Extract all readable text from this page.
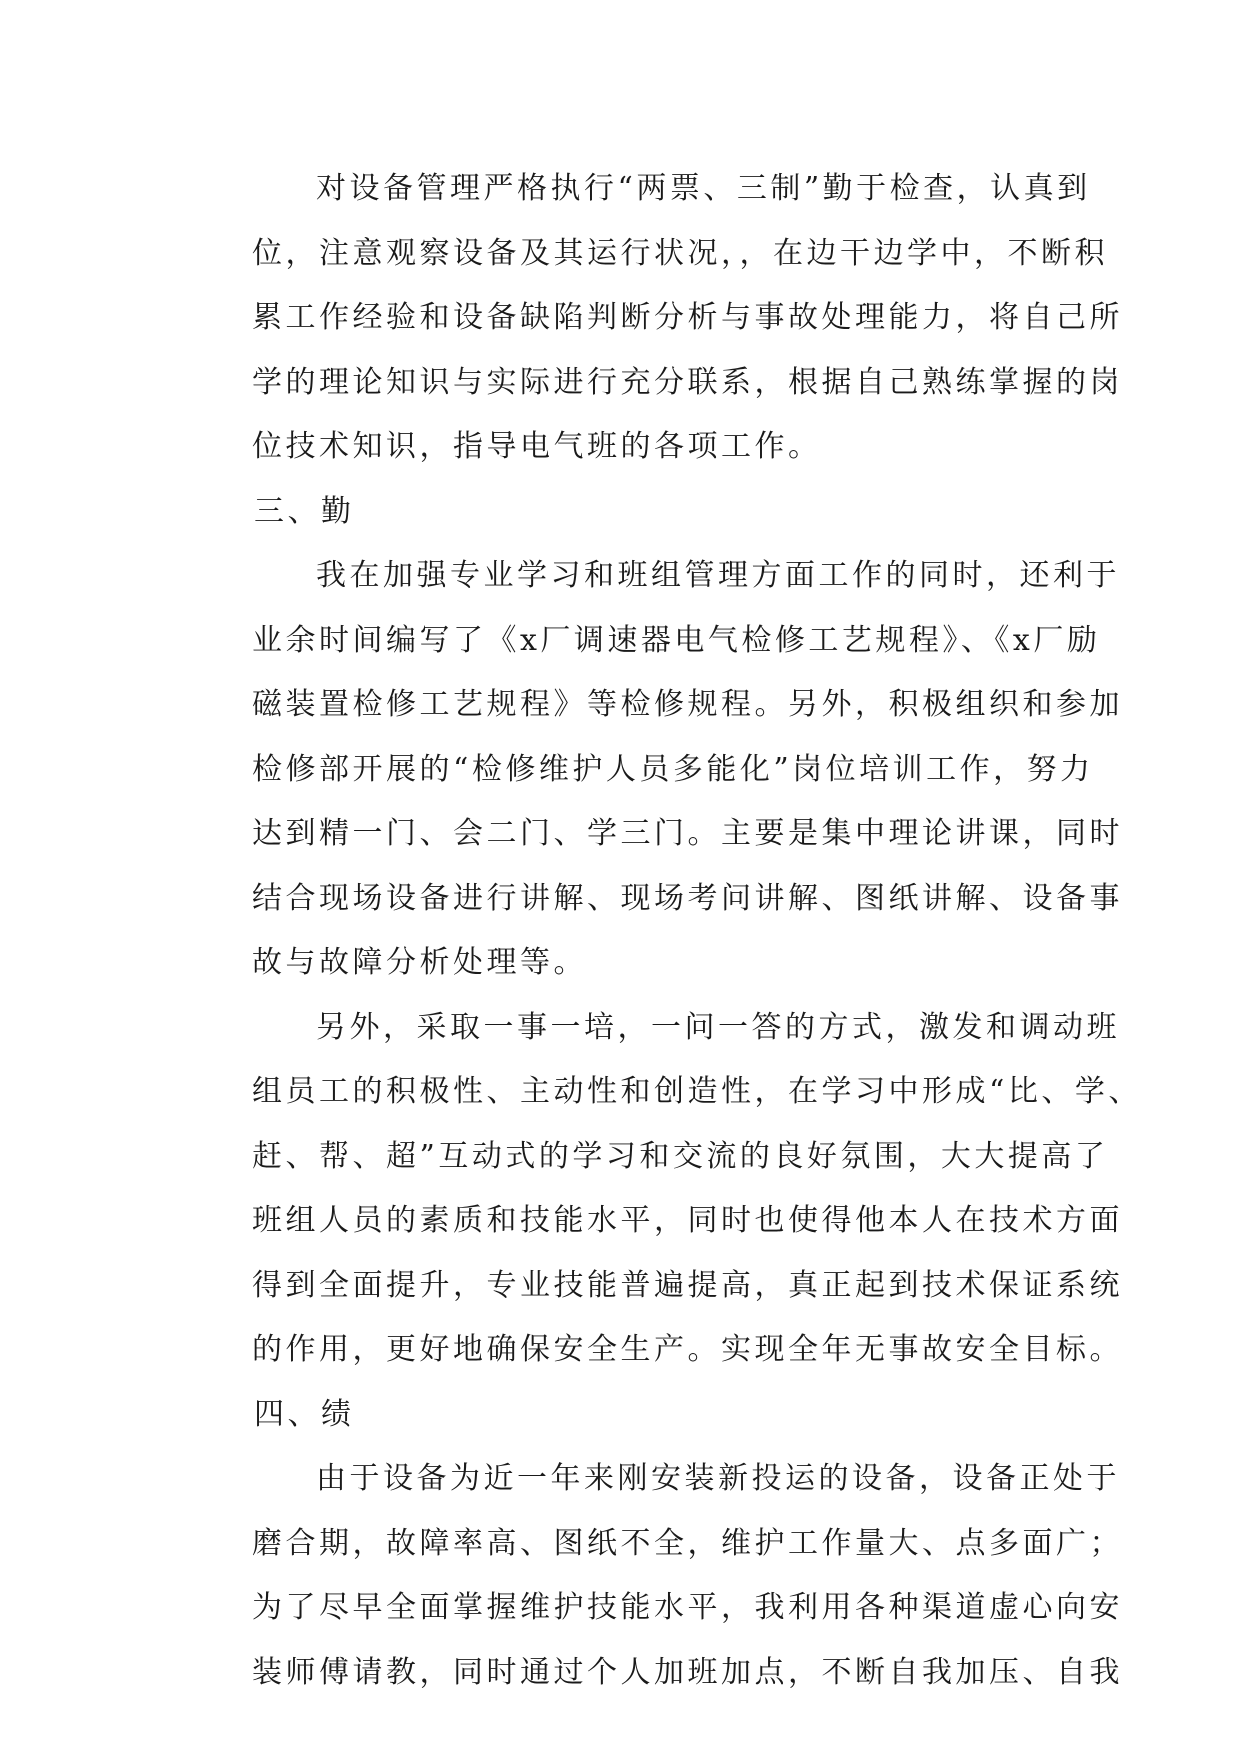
对设备管理严格执行“两票、三制”勤于检查，认真到
位，注意观察设备及其运行状况，，在边干边学中，不断积
累工作经验和设备缺陷判断分析与事故处理能力，将自己所
学的理论知识与实际进行充分联系，根据自己熟练掌握的岗
位技术知识，指导电气班的各项工作。
三、勤
我在加强专业学习和班组管理方面工作的同时，还利于
业余时间编写了《x厂调速器电气检修工艺规程》、《x厂励
磁装置检修工艺规程》等检修规程。另外，积极组织和参加
检修部开展的“检修维护人员多能化”岗位培训工作，努力
达到精一门、会二门、学三门。主要是集中理论讲课，同时
结合现场设备进行讲解、现场考问讲解、图纸讲解、设备事
故与故障分析处理等。
另外，采取一事一培，一问一答的方式，激发和调动班
组员工的积极性、主动性和创造性，在学习中形成“比、学、
赶、帮、超”互动式的学习和交流的良好氛围，大大提高了
班组人员的素质和技能水平，同时也使得他本人在技术方面
得到全面提升，专业技能普遍提高，真正起到技术保证系统
的作用，更好地确保安全生产。实现全年无事故安全目标。
四、绩
由于设备为近一年来刚安装新投运的设备，设备正处于
磨合期，故障率高、图纸不全，维护工作量大、点多面广；
为了尽早全面掌握维护技能水平，我利用各种渠道虚心向安
装师傅请教，同时通过个人加班加点，不断自我加压、自我
